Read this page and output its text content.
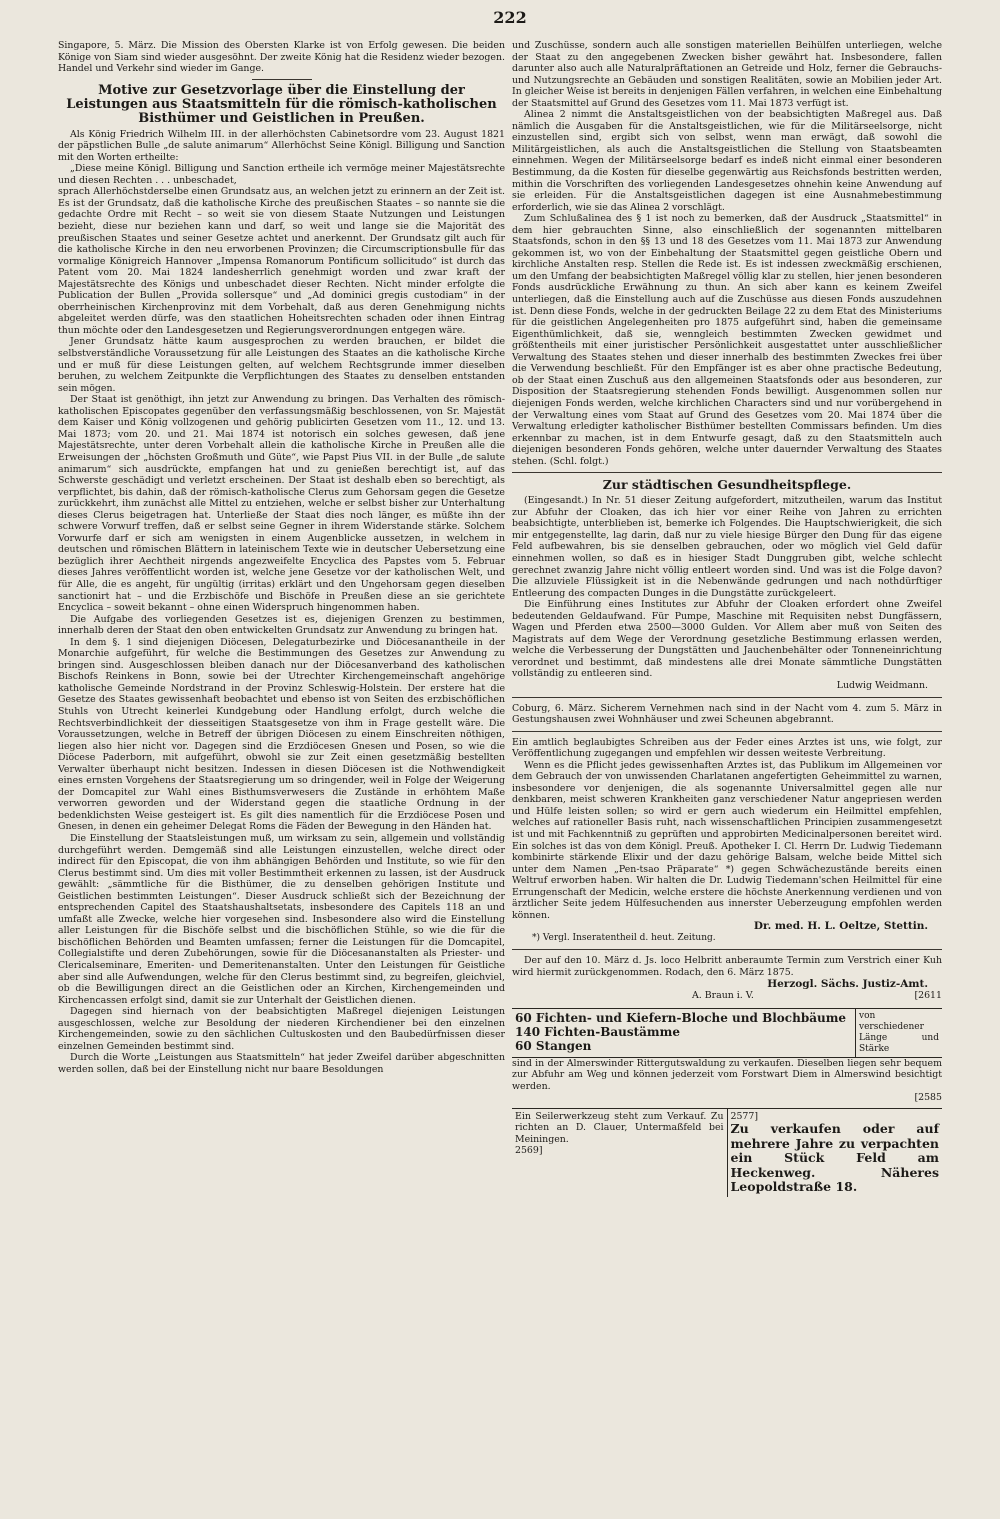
222

Singapore, 5. März. Die Mission des Obersten Klarke ist von Erfolg gewesen. Die beiden Könige von Siam sind wieder ausgesöhnt. Der zweite König hat die Residenz wieder bezogen. Handel und Verkehr sind wieder im Gange.

Motive zur Gesetzvorlage über die Einstellung der Leistungen aus Staatsmitteln für die römisch-katholischen Bisthümer und Geistlichen in Preußen.

Als König Friedrich Wilhelm III. in der allerhöchsten Cabinetsordre vom 23. August 1821 der päpstlichen Bulle „de salute animarum“ Allerhöchst Seine Königl. Billigung und Sanction mit den Worten ertheilte:

„Diese meine Königl. Billigung und Sanction ertheile ich vermöge meiner Majestätsrechte und diesen Rechten . . . unbeschadet,

sprach Allerhöchstderselbe einen Grundsatz aus, an welchen jetzt zu erinnern an der Zeit ist. Es ist der Grundsatz, daß die katholische Kirche des preußischen Staates – so nannte sie die gedachte Ordre mit Recht – so weit sie von diesem Staate Nutzungen und Leistungen bezieht, diese nur beziehen kann und darf, so weit und lange sie die Majorität des preußischen Staates und seiner Gesetze achtet und anerkennt. Der Grundsatz gilt auch für die katholische Kirche in den neu erworbenen Provinzen; die Circumscriptionsbulle für das vormalige Königreich Hannover „Impensa Romanorum Pontificum sollicitudo“ ist durch das Patent vom 20. Mai 1824 landesherrlich genehmigt worden und zwar kraft der Majestätsrechte des Königs und unbeschadet dieser Rechten. Nicht minder erfolgte die Publication der Bullen „Provida sollersque“ und „Ad dominici gregis custodiam“ in der oberrheinischen Kirchenprovinz mit dem Vorbehalt, daß aus deren Genehmigung nichts abgeleitet werden dürfe, was den staatlichen Hoheitsrechten schaden oder ihnen Eintrag thun möchte oder den Landesgesetzen und Regierungsverordnungen entgegen wäre.

Jener Grundsatz hätte kaum ausgesprochen zu werden brauchen, er bildet die selbstverständliche Voraussetzung für alle Leistungen des Staates an die katholische Kirche und er muß für diese Leistungen gelten, auf welchem Rechtsgrunde immer dieselben beruhen, zu welchem Zeitpunkte die Verpflichtungen des Staates zu denselben entstanden sein mögen.

Der Staat ist genöthigt, ihn jetzt zur Anwendung zu bringen. Das Verhalten des römisch-katholischen Episcopates gegenüber den verfassungsmäßig beschlossenen, von Sr. Majestät dem Kaiser und König vollzogenen und gehörig publicirten Gesetzen vom 11., 12. und 13. Mai 1873; vom 20. und 21. Mai 1874 ist notorisch ein solches gewesen, daß jene Majestätsrechte, unter deren Vorbehalt allein die katholische Kirche in Preußen alle die Erweisungen der „höchsten Großmuth und Güte“, wie Papst Pius VII. in der Bulle „de salute animarum“ sich ausdrückte, empfangen hat und zu genießen berechtigt ist, auf das Schwerste geschädigt und verletzt erscheinen. Der Staat ist deshalb eben so berechtigt, als verpflichtet, bis dahin, daß der römisch-katholische Clerus zum Gehorsam gegen die Gesetze zurückkehrt, ihm zunächst alle Mittel zu entziehen, welche er selbst bisher zur Unterhaltung dieses Clerus beigetragen hat. Unterließe der Staat dies noch länger, es müßte ihn der schwere Vorwurf treffen, daß er selbst seine Gegner in ihrem Widerstande stärke. Solchem Vorwurfe darf er sich am wenigsten in einem Augenblicke aussetzen, in welchem in deutschen und römischen Blättern in lateinischem Texte wie in deutscher Uebersetzung eine bezüglich ihrer Aechtheit nirgends angezweifelte Encyclica des Papstes vom 5. Februar dieses Jahres veröffentlicht worden ist, welche jene Gesetze vor der katholischen Welt, und für Alle, die es angeht, für ungültig (irritas) erklärt und den Ungehorsam gegen dieselben sanctionirt hat – und die Erzbischöfe und Bischöfe in Preußen diese an sie gerichtete Encyclica – soweit bekannt – ohne einen Widerspruch hingenommen haben.

Die Aufgabe des vorliegenden Gesetzes ist es, diejenigen Grenzen zu bestimmen, innerhalb deren der Staat den oben entwickelten Grundsatz zur Anwendung zu bringen hat.

In dem §. 1 sind diejenigen Diöcesen, Delegaturbezirke und Diöcesanantheile in der Monarchie aufgeführt, für welche die Bestimmungen des Gesetzes zur Anwendung zu bringen sind. Ausgeschlossen bleiben danach nur der Diöcesanverband des katholischen Bischofs Reinkens in Bonn, sowie bei der Utrechter Kirchengemeinschaft angehörige katholische Gemeinde Nordstrand in der Provinz Schleswig-Holstein. Der erstere hat die Gesetze des Staates gewissenhaft beobachtet und ebenso ist von Seiten des erzbischöflichen Stuhls von Utrecht keinerlei Kundgebung oder Handlung erfolgt, durch welche die Rechtsverbindlichkeit der diesseitigen Staatsgesetze von ihm in Frage gestellt wäre. Die Voraussetzungen, welche in Betreff der übrigen Diöcesen zu einem Einschreiten nöthigen, liegen also hier nicht vor. Dagegen sind die Erzdiöcesen Gnesen und Posen, so wie die Diöcese Paderborn, mit aufgeführt, obwohl sie zur Zeit einen gesetzmäßig bestellten Verwalter überhaupt nicht besitzen. Indessen in diesen Diöcesen ist die Nothwendigkeit eines ernsten Vorgehens der Staatsregierung um so dringender, weil in Folge der Weigerung der Domcapitel zur Wahl eines Bisthumsverwesers die Zustände in erhöhtem Maße verworren geworden und der Widerstand gegen die staatliche Ordnung in der bedenklichsten Weise gesteigert ist. Es gilt dies namentlich für die Erzdiöcese Posen und Gnesen, in denen ein geheimer Delegat Roms die Fäden der Bewegung in den Händen hat.

Die Einstellung der Staatsleistungen muß, um wirksam zu sein, allgemein und vollständig durchgeführt werden. Demgemäß sind alle Leistungen einzustellen, welche direct oder indirect für den Episcopat, die von ihm abhängigen Behörden und Institute, so wie für den Clerus bestimmt sind. Um dies mit voller Bestimmtheit erkennen zu lassen, ist der Ausdruck gewählt: „sämmtliche für die Bisthümer, die zu denselben gehörigen Institute und Geistlichen bestimmten Leistungen“. Dieser Ausdruck schließt sich der Bezeichnung der entsprechenden Capitel des Staatshaushaltsetats, insbesondere des Capitels 118 an und umfaßt alle Zwecke, welche hier vorgesehen sind. Insbesondere also wird die Einstellung aller Leistungen für die Bischöfe selbst und die bischöflichen Stühle, so wie die für die bischöflichen Behörden und Beamten umfassen; ferner die Leistungen für die Domcapitel, Collegialstifte und deren Zubehörungen, sowie für die Diöcesananstalten als Priester- und Clericalseminare, Emeriten- und Demeritenanstalten. Unter den Leistungen für Geistliche aber sind alle Aufwendungen, welche für den Clerus bestimmt sind, zu begreifen, gleichviel, ob die Bewilligungen direct an die Geistlichen oder an Kirchen, Kirchengemeinden und Kirchencassen erfolgt sind, damit sie zur Unterhalt der Geistlichen dienen.

Dagegen sind hiernach von der beabsichtigten Maßregel diejenigen Leistungen ausgeschlossen, welche zur Besoldung der niederen Kirchendiener bei den einzelnen Kirchengemeinden, sowie zu den sächlichen Cultuskosten und den Baubedürfnissen dieser einzelnen Gemeinden bestimmt sind.

Durch die Worte „Leistungen aus Staatsmitteln“ hat jeder Zweifel darüber abgeschnitten werden sollen, daß bei der Einstellung nicht nur baare Besoldungen

und Zuschüsse, sondern auch alle sonstigen materiellen Beihülfen unterliegen, welche der Staat zu den angegebenen Zwecken bisher gewährt hat. Insbesondere, fallen darunter also auch alle Naturalpräftationen an Getreide und Holz, ferner die Gebrauchs- und Nutzungsrechte an Gebäuden und sonstigen Realitäten, sowie an Mobilien jeder Art. In gleicher Weise ist bereits in denjenigen Fällen verfahren, in welchen eine Einbehaltung der Staatsmittel auf Grund des Gesetzes vom 11. Mai 1873 verfügt ist.

Alinea 2 nimmt die Anstaltsgeistlichen von der beabsichtigten Maßregel aus. Daß nämlich die Ausgaben für die Anstaltsgeistlichen, wie für die Militärseelsorge, nicht einzustellen sind, ergibt sich von selbst, wenn man erwägt, daß sowohl die Militärgeistlichen, als auch die Anstaltsgeistlichen die Stellung von Staatsbeamten einnehmen. Wegen der Militärseelsorge bedarf es indeß nicht einmal einer besonderen Bestimmung, da die Kosten für dieselbe gegenwärtig aus Reichsfonds bestritten werden, mithin die Vorschriften des vorliegenden Landesgesetzes ohnehin keine Anwendung auf sie erleiden. Für die Anstaltsgeistlichen dagegen ist eine Ausnahmebestimmung erforderlich, wie sie das Alinea 2 vorschlägt.

Zum Schlußalinea des § 1 ist noch zu bemerken, daß der Ausdruck „Staatsmittel“ in dem hier gebrauchten Sinne, also einschließlich der sogenannten mittelbaren Staatsfonds, schon in den §§ 13 und 18 des Gesetzes vom 11. Mai 1873 zur Anwendung gekommen ist, wo von der Einbehaltung der Staatsmittel gegen geistliche Obern und kirchliche Anstalten resp. Stellen die Rede ist. Es ist indessen zweckmäßig erschienen, um den Umfang der beabsichtigten Maßregel völlig klar zu stellen, hier jenen besonderen Fonds ausdrückliche Erwähnung zu thun. An sich aber kann es keinem Zweifel unterliegen, daß die Einstellung auch auf die Zuschüsse aus diesen Fonds auszudehnen ist. Denn diese Fonds, welche in der gedruckten Beilage 22 zu dem Etat des Ministeriums für die geistlichen Angelegenheiten pro 1875 aufgeführt sind, haben die gemeinsame Eigenthümlichkeit, daß sie, wenngleich bestimmten Zwecken gewidmet und größtentheils mit einer juristischer Persönlichkeit ausgestattet unter ausschließlicher Verwaltung des Staates stehen und dieser innerhalb des bestimmten Zweckes frei über die Verwendung beschließt. Für den Empfänger ist es aber ohne practische Bedeutung, ob der Staat einen Zuschuß aus den allgemeinen Staatsfonds oder aus besonderen, zur Disposition der Staatsregierung stehenden Fonds bewilligt. Ausgenommen sollen nur diejenigen Fonds werden, welche kirchlichen Characters sind und nur vorübergehend in der Verwaltung eines vom Staat auf Grund des Gesetzes vom 20. Mai 1874 über die Verwaltung erledigter katholischer Bisthümer bestellten Commissars befinden. Um dies erkennbar zu machen, ist in dem Entwurfe gesagt, daß zu den Staatsmitteln auch diejenigen besonderen Fonds gehören, welche unter dauernder Verwaltung des Staates stehen. (Schl. folgt.)

Zur städtischen Gesundheitspflege.

(Eingesandt.) In Nr. 51 dieser Zeitung aufgefordert, mitzutheilen, warum das Institut zur Abfuhr der Cloaken, das ich hier vor einer Reihe von Jahren zu errichten beabsichtigte, unterblieben ist, bemerke ich Folgendes. Die Hauptschwierigkeit, die sich mir entgegenstellte, lag darin, daß nur zu viele hiesige Bürger den Dung für das eigene Feld aufbewahren, bis sie denselben gebrauchen, oder wo möglich viel Geld dafür einnehmen wollen, so daß es in hiesiger Stadt Dunggruben gibt, welche schlecht gerechnet zwanzig Jahre nicht völlig entleert worden sind. Und was ist die Folge davon? Die allzuviele Flüssigkeit ist in die Nebenwände gedrungen und nach nothdürftiger Entleerung des compacten Dunges in die Dungstätte zurückgeleert.

Die Einführung eines Institutes zur Abfuhr der Cloaken erfordert ohne Zweifel bedeutenden Geldaufwand. Für Pumpe, Maschine mit Requisiten nebst Dungfässern, Wagen und Pferden etwa 2500—3000 Gulden. Vor Allem aber muß von Seiten des Magistrats auf dem Wege der Verordnung gesetzliche Bestimmung erlassen werden, welche die Verbesserung der Dungstätten und Jauchenbehälter oder Tonneneinrichtung verordnet und bestimmt, daß mindestens alle drei Monate sämmtliche Dungstätten vollständig zu entleeren sind.

Ludwig Weidmann.

Coburg, 6. März. Sicherem Vernehmen nach sind in der Nacht vom 4. zum 5. März in Gestungshausen zwei Wohnhäuser und zwei Scheunen abgebrannt.

Ein amtlich beglaubigtes Schreiben aus der Feder eines Arztes ist uns, wie folgt, zur Veröffentlichung zugegangen und empfehlen wir dessen weiteste Verbreitung.

Wenn es die Pflicht jedes gewissenhaften Arztes ist, das Publikum im Allgemeinen vor dem Gebrauch der von unwissenden Charlatanen angefertigten Geheimmittel zu warnen, insbesondere vor denjenigen, die als sogenannte Universalmittel gegen alle nur denkbaren, meist schweren Krankheiten ganz verschiedener Natur angepriesen werden und Hülfe leisten sollen; so wird er gern auch wiederum ein Heilmittel empfehlen, welches auf rationeller Basis ruht, nach wissenschaftlichen Principien zusammengesetzt ist und mit Fachkenntniß zu geprüften und approbirten Medicinalpersonen bereitet wird. Ein solches ist das von dem Königl. Preuß. Apotheker I. Cl. Herrn Dr. Ludwig Tiedemann kombinirte stärkende Elixir und der dazu gehörige Balsam, welche beide Mittel sich unter dem Namen „Pen-tsao Präparate“ *) gegen Schwächezustände bereits einen Weltruf erworben haben. Wir halten die Dr. Ludwig Tiedemann'schen Heilmittel für eine Errungenschaft der Medicin, welche erstere die höchste Anerkennung verdienen und von ärztlicher Seite jedem Hülfesuchenden aus innerster Ueberzeugung empfohlen werden können.

Dr. med. H. L. Oeltze, Stettin.
*) Vergl. Inseratentheil d. heut. Zeitung.

Der auf den 10. März d. Js. loco Helbritt anberaumte Termin zum Verstrich einer Kuh wird hiermit zurückgenommen. Rodach, den 6. März 1875.

Herzogl. Sächs. Justiz-Amt.
A. Braun i. V.	[2611
60 Fichten- und Kiefern-Bloche und Blochbäume
140 Fichten-Baustämme
60 Stangen
von verschiedener Länge und Stärke

sind in der Almerswinder Rittergutswaldung zu verkaufen. Dieselben liegen sehr bequem zur Abfuhr am Weg und können jederzeit vom Forstwart Diem in Almerswind besichtigt werden.

[2585

Ein Seilerwerkzeug steht zum Verkauf. Zu richten an D. Clauer, Untermaßfeld bei Meiningen.

2569]
2577]
Zu verkaufen oder auf mehrere Jahre zu verpachten ein Stück Feld am Heckenweg. Näheres Leopoldstraße 18.
